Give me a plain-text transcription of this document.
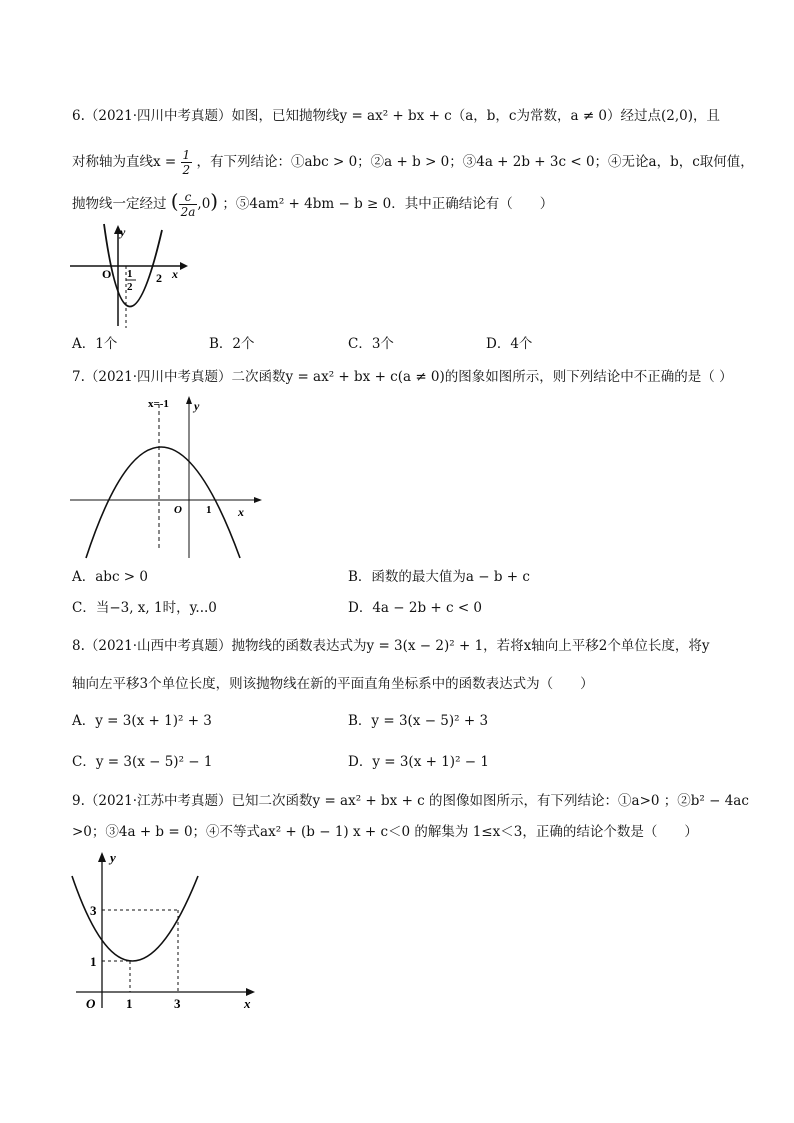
6.（2021·四川中考真题）如图，已知抛物线y = ax² + bx + c（a，b，c为常数，a ≠ 0）经过点(2,0)，且
对称轴为直线$x = \frac{1}{2}$ ，有下列结论：①abc > 0；②a + b > 0；③4a + 2b + 3c < 0；④无论a，b，c取何值，
抛物线一定经过 ( $\frac{c}{2a} ,0$) ；⑤4am² + 4bm − b ≥ 0．其中正确结论有（　　）
y
x
O 1
2
2
A．1个	B．2个	C．3个	D．4个
7.（2021·四川中考真题）二次函数y = ax² + bx + c(a ≠ 0)的图象如图所示，则下列结论中不正确的是（ ）
x=-1 y
x
O 1
A．abc > 0	B．函数的最大值为a − b + c
C．当−3, x, 1时，y...0	D．4a − 2b + c < 0
8.（2021·山西中考真题）抛物线的函数表达式为y = 3(x − 2)² + 1，若将x轴向上平移2个单位长度，将y
轴向左平移3个单位长度，则该抛物线在新的平面直角坐标系中的函数表达式为（　　）
A．y = 3(x + 1)² + 3	B．y = 3(x − 5)² + 3
C．y = 3(x − 5)² − 1	D．y = 3(x + 1)² − 1
9.（2021·江苏中考真题）已知二次函数y = ax² + bx + c 的图像如图所示，有下列结论：①a>0 ；②b² − 4ac
>0；③4a + b = 0；④不等式ax² + (b − 1) x + c＜0 的解集为 1≤x＜3，正确的结论个数是（　　）
y
x
O 1	3
1
3
